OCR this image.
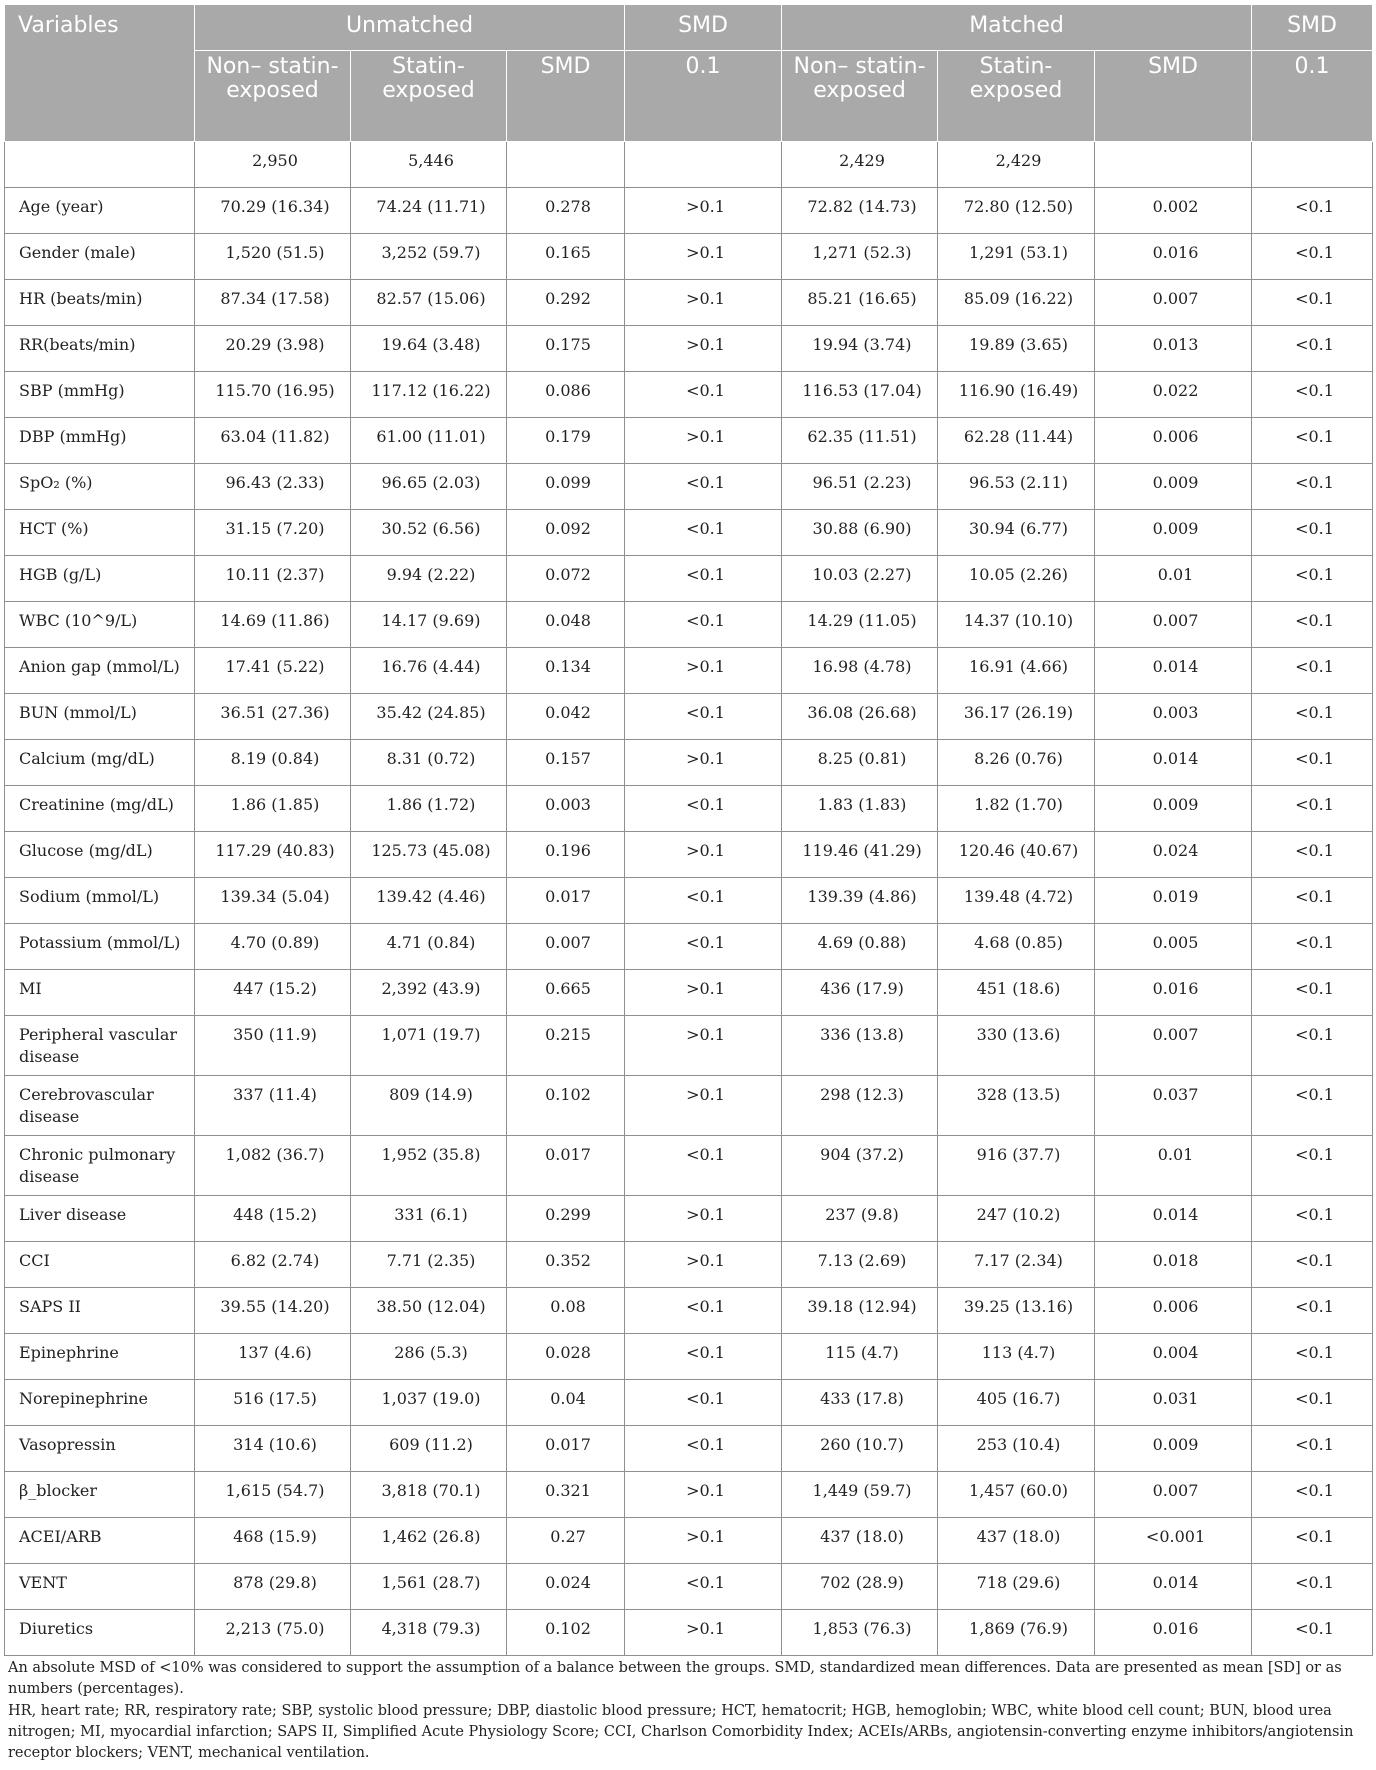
Variables	Unmatched			SMD	Matched			SMD
	Non– statin- exposed	Statin- exposed	SMD	0.1	Non– statin- exposed	Statin- exposed	SMD	0.1
	2,950	5,446			2,429	2,429		
Age (year)	70.29 (16.34)	74.24 (11.71)	0.278	>0.1	72.82 (14.73)	72.80 (12.50)	0.002	<0.1
Gender (male)	1,520 (51.5)	3,252 (59.7)	0.165	>0.1	1,271 (52.3)	1,291 (53.1)	0.016	<0.1
HR (beats/min)	87.34 (17.58)	82.57 (15.06)	0.292	>0.1	85.21 (16.65)	85.09 (16.22)	0.007	<0.1
RR(beats/min)	20.29 (3.98)	19.64 (3.48)	0.175	>0.1	19.94 (3.74)	19.89 (3.65)	0.013	<0.1
SBP (mmHg)	115.70 (16.95)	117.12 (16.22)	0.086	<0.1	116.53 (17.04)	116.90 (16.49)	0.022	<0.1
DBP (mmHg)	63.04 (11.82)	61.00 (11.01)	0.179	>0.1	62.35 (11.51)	62.28 (11.44)	0.006	<0.1
SpO₂ (%)	96.43 (2.33)	96.65 (2.03)	0.099	<0.1	96.51 (2.23)	96.53 (2.11)	0.009	<0.1
HCT (%)	31.15 (7.20)	30.52 (6.56)	0.092	<0.1	30.88 (6.90)	30.94 (6.77)	0.009	<0.1
HGB (g/L)	10.11 (2.37)	9.94 (2.22)	0.072	<0.1	10.03 (2.27)	10.05 (2.26)	0.01	<0.1
WBC (10^9/L)	14.69 (11.86)	14.17 (9.69)	0.048	<0.1	14.29 (11.05)	14.37 (10.10)	0.007	<0.1
Anion gap (mmol/L)	17.41 (5.22)	16.76 (4.44)	0.134	>0.1	16.98 (4.78)	16.91 (4.66)	0.014	<0.1
BUN (mmol/L)	36.51 (27.36)	35.42 (24.85)	0.042	<0.1	36.08 (26.68)	36.17 (26.19)	0.003	<0.1
Calcium (mg/dL)	8.19 (0.84)	8.31 (0.72)	0.157	>0.1	8.25 (0.81)	8.26 (0.76)	0.014	<0.1
Creatinine (mg/dL)	1.86 (1.85)	1.86 (1.72)	0.003	<0.1	1.83 (1.83)	1.82 (1.70)	0.009	<0.1
Glucose (mg/dL)	117.29 (40.83)	125.73 (45.08)	0.196	>0.1	119.46 (41.29)	120.46 (40.67)	0.024	<0.1
Sodium (mmol/L)	139.34 (5.04)	139.42 (4.46)	0.017	<0.1	139.39 (4.86)	139.48 (4.72)	0.019	<0.1
Potassium (mmol/L)	4.70 (0.89)	4.71 (0.84)	0.007	<0.1	4.69 (0.88)	4.68 (0.85)	0.005	<0.1
MI	447 (15.2)	2,392 (43.9)	0.665	>0.1	436 (17.9)	451 (18.6)	0.016	<0.1
Peripheral vascular disease	350 (11.9)	1,071 (19.7)	0.215	>0.1	336 (13.8)	330 (13.6)	0.007	<0.1
Cerebrovascular disease	337 (11.4)	809 (14.9)	0.102	>0.1	298 (12.3)	328 (13.5)	0.037	<0.1
Chronic pulmonary disease	1,082 (36.7)	1,952 (35.8)	0.017	<0.1	904 (37.2)	916 (37.7)	0.01	<0.1
Liver disease	448 (15.2)	331 (6.1)	0.299	>0.1	237 (9.8)	247 (10.2)	0.014	<0.1
CCI	6.82 (2.74)	7.71 (2.35)	0.352	>0.1	7.13 (2.69)	7.17 (2.34)	0.018	<0.1
SAPS II	39.55 (14.20)	38.50 (12.04)	0.08	<0.1	39.18 (12.94)	39.25 (13.16)	0.006	<0.1
Epinephrine	137 (4.6)	286 (5.3)	0.028	<0.1	115 (4.7)	113 (4.7)	0.004	<0.1
Norepinephrine	516 (17.5)	1,037 (19.0)	0.04	<0.1	433 (17.8)	405 (16.7)	0.031	<0.1
Vasopressin	314 (10.6)	609 (11.2)	0.017	<0.1	260 (10.7)	253 (10.4)	0.009	<0.1
β_blocker	1,615 (54.7)	3,818 (70.1)	0.321	>0.1	1,449 (59.7)	1,457 (60.0)	0.007	<0.1
ACEI/ARB	468 (15.9)	1,462 (26.8)	0.27	>0.1	437 (18.0)	437 (18.0)	<0.001	<0.1
VENT	878 (29.8)	1,561 (28.7)	0.024	<0.1	702 (28.9)	718 (29.6)	0.014	<0.1
Diuretics	2,213 (75.0)	4,318 (79.3)	0.102	>0.1	1,853 (76.3)	1,869 (76.9)	0.016	<0.1

An absolute MSD of <10% was considered to support the assumption of a balance between the groups. SMD, standardized mean differences. Data are presented as mean [SD] or as numbers (percentages).

HR, heart rate; RR, respiratory rate; SBP, systolic blood pressure; DBP, diastolic blood pressure; HCT, hematocrit; HGB, hemoglobin; WBC, white blood cell count; BUN, blood urea nitrogen; MI, myocardial infarction; SAPS II, Simplified Acute Physiology Score; CCI, Charlson Comorbidity Index; ACEIs/ARBs, angiotensin-converting enzyme inhibitors/angiotensin receptor blockers; VENT, mechanical ventilation.
